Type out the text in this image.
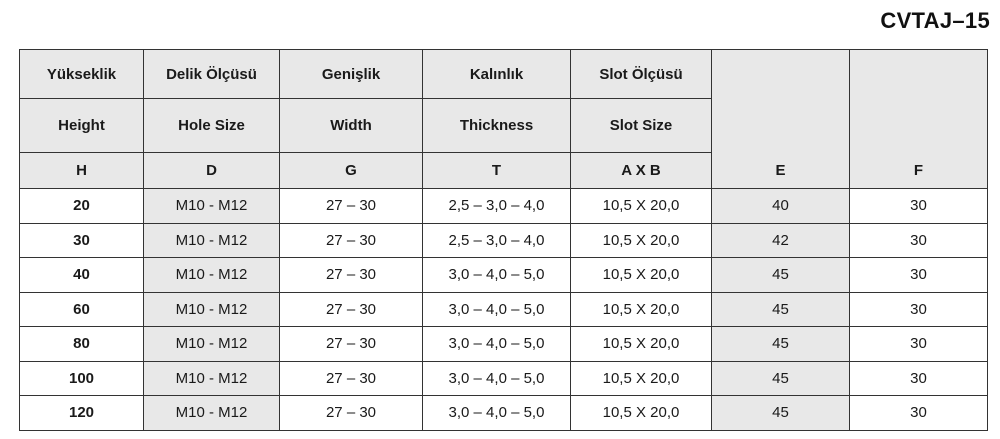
CVTAJ–15
Yükseklik	Delik Ölçüsü	Genişlik	Kalınlık	Slot Ölçüsü	E	F
Height	Hole Size	Width	Thickness	Slot Size		
H	D	G	T	A X B		
20	M10 - M12	27 – 30	2,5 – 3,0 – 4,0	10,5 X 20,0	40	30
30	M10 - M12	27 – 30	2,5 – 3,0 – 4,0	10,5 X 20,0	42	30
40	M10 - M12	27 – 30	3,0 – 4,0 – 5,0	10,5 X 20,0	45	30
60	M10 - M12	27 – 30	3,0 – 4,0 – 5,0	10,5 X 20,0	45	30
80	M10 - M12	27 – 30	3,0 – 4,0 – 5,0	10,5 X 20,0	45	30
100	M10 - M12	27 – 30	3,0 – 4,0 – 5,0	10,5 X 20,0	45	30
120	M10 - M12	27 – 30	3,0 – 4,0 – 5,0	10,5 X 20,0	45	30
